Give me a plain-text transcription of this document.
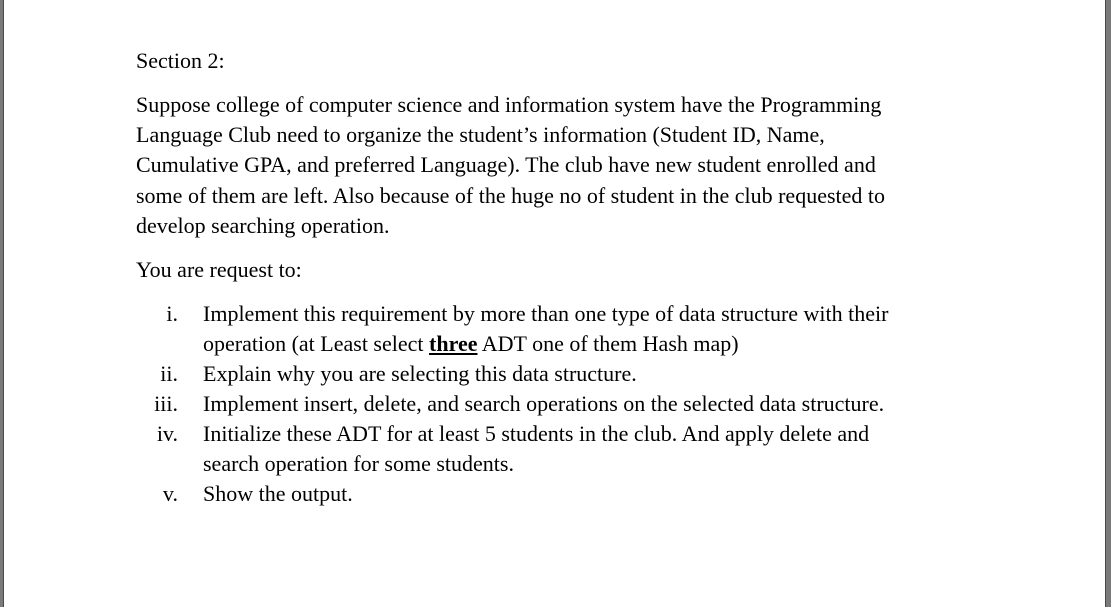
Section 2:
Suppose college of computer science and information system have the Programming
Language Club need to organize the student’s information (Student ID, Name,
Cumulative GPA, and preferred Language). The club have new student enrolled and
some of them are left. Also because of the huge no of student in the club requested to
develop searching operation.
You are request to:
i. Implement this requirement by more than one type of data structure with their
operation (at Least select three ADT one of them Hash map)
ii. Explain why you are selecting this data structure.
iii. Implement insert, delete, and search operations on the selected data structure.
iv. Initialize these ADT for at least 5 students in the club. And apply delete and
search operation for some students.
v. Show the output.
